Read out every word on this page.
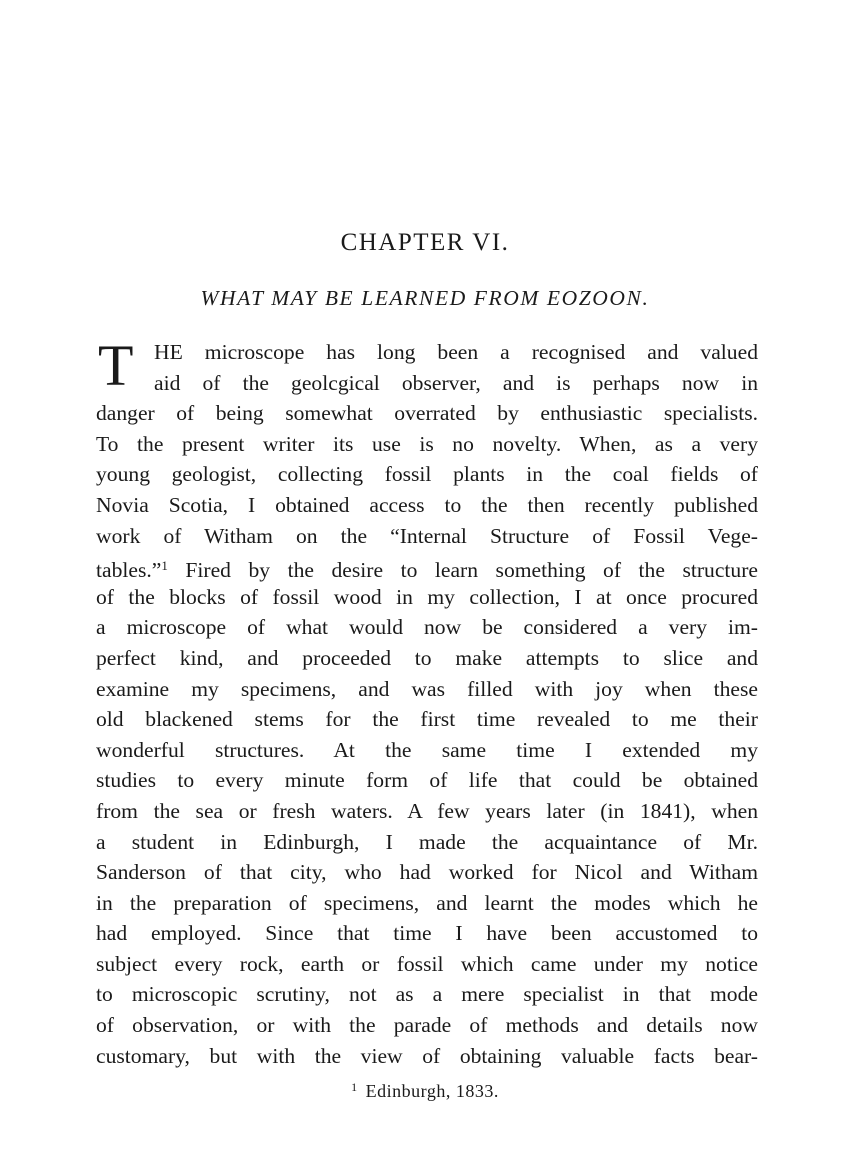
CHAPTER VI.
WHAT MAY BE LEARNED FROM EOZOON.
T HE microscope has long been a recognised and valued
aid of the geolcgical observer, and is perhaps now in
danger of being somewhat overrated by enthusiastic specialists.
To the present writer its use is no novelty. When, as a very
young geologist, collecting fossil plants in the coal fields of
Novia Scotia, I obtained access to the then recently published
work of Witham on the “Internal Structure of Fossil Vege-
tables.”$^1$ Fired by the desire to learn something of the structure
of the blocks of fossil wood in my collection, I at once procured
a microscope of what would now be considered a very im-
perfect kind, and proceeded to make attempts to slice and
examine my specimens, and was filled with joy when these
old blackened stems for the first time revealed to me their
wonderful structures. At the same time I extended my
studies to every minute form of life that could be obtained
from the sea or fresh waters. A few years later (in 1841), when
a student in Edinburgh, I made the acquaintance of Mr.
Sanderson of that city, who had worked for Nicol and Witham
in the preparation of specimens, and learnt the modes which he
had employed. Since that time I have been accustomed to
subject every rock, earth or fossil which came under my notice
to microscopic scrutiny, not as a mere specialist in that mode
of observation, or with the parade of methods and details now
customary, but with the view of obtaining valuable facts bear-
$^1$ Edinburgh, 1833.
